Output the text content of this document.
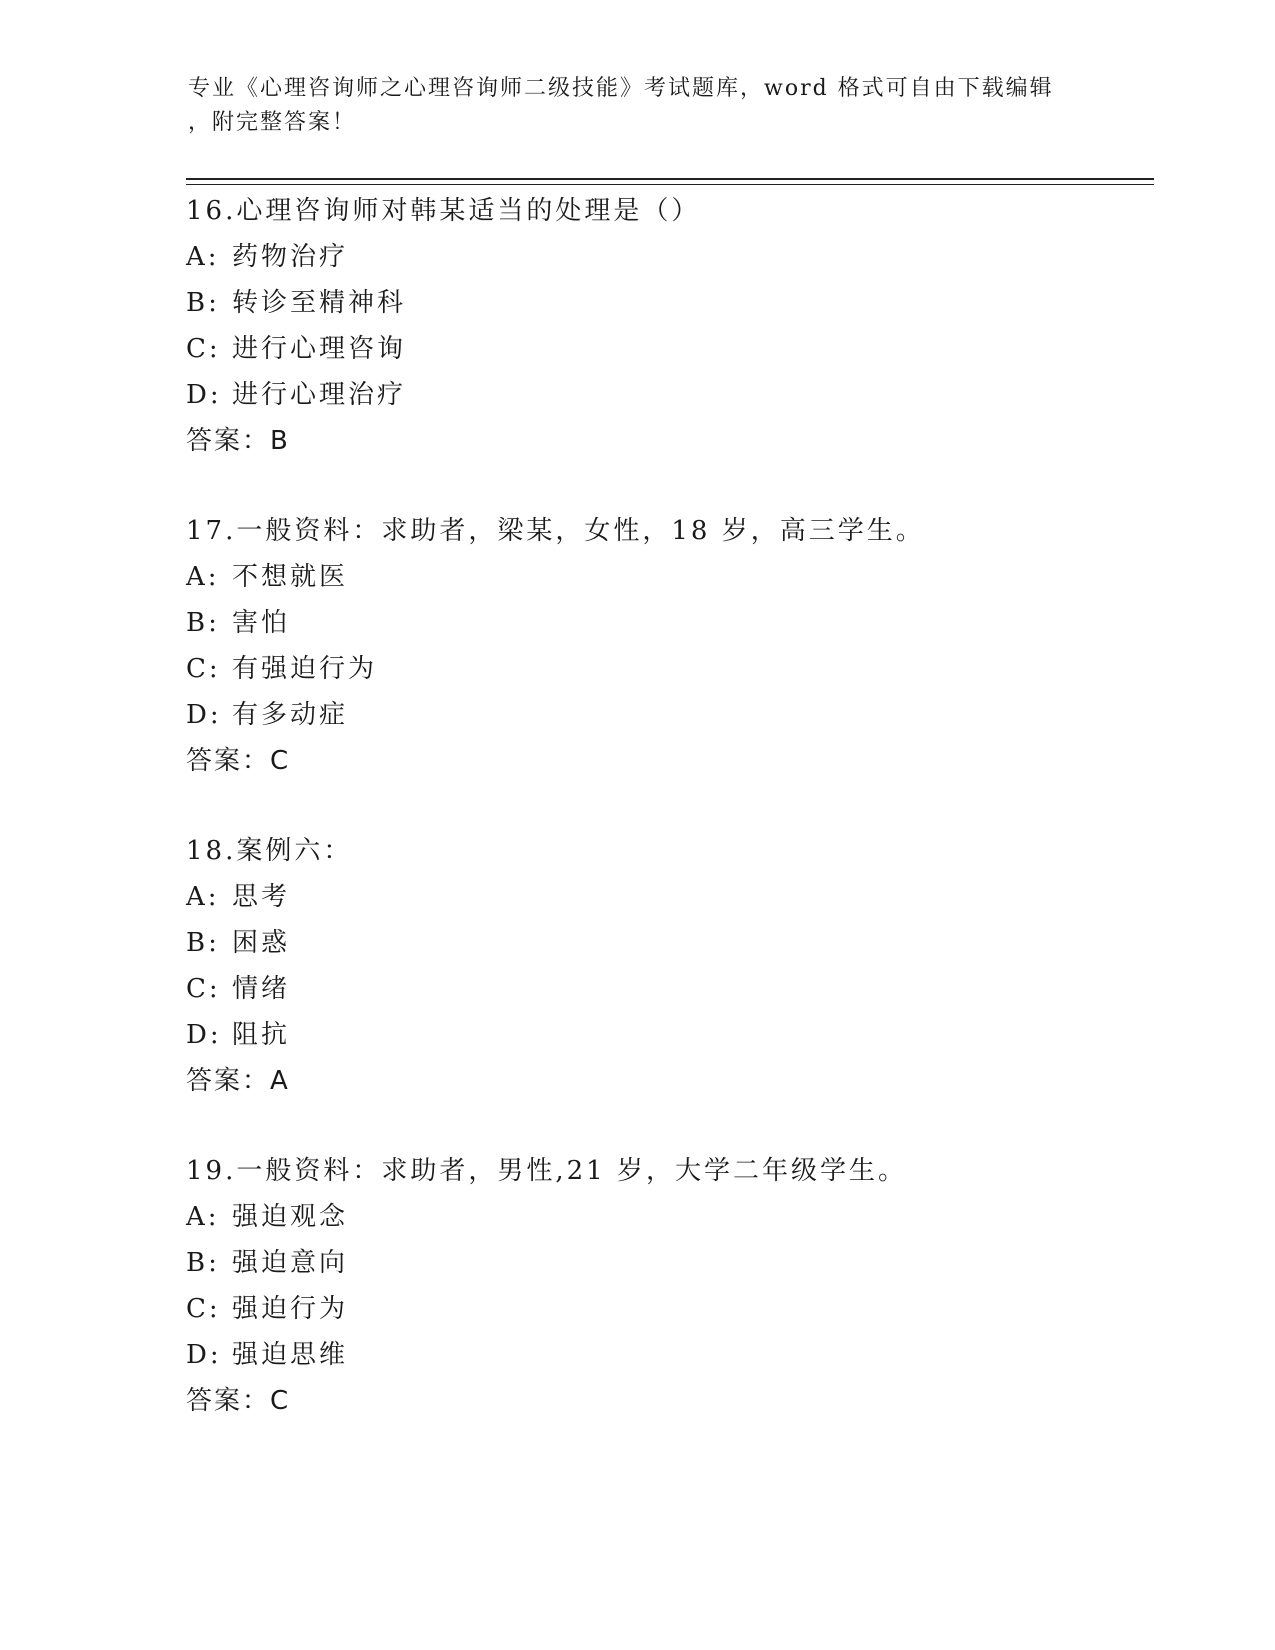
专业《心理咨询师之心理咨询师二级技能》考试题库，word 格式可自由下载编辑
，附完整答案！
16.心理咨询师对韩某适当的处理是（）
A: 药物治疗
B: 转诊至精神科
C: 进行心理咨询
D: 进行心理治疗
答案：B
17.一般资料：求助者，梁某，女性，18 岁，高三学生。
A: 不想就医
B: 害怕
C: 有强迫行为
D: 有多动症
答案：C
18.案例六：
A: 思考
B: 困惑
C: 情绪
D: 阻抗
答案：A
19.一般资料：求助者，男性,21 岁，大学二年级学生。
A: 强迫观念
B: 强迫意向
C: 强迫行为
D: 强迫思维
答案：C
